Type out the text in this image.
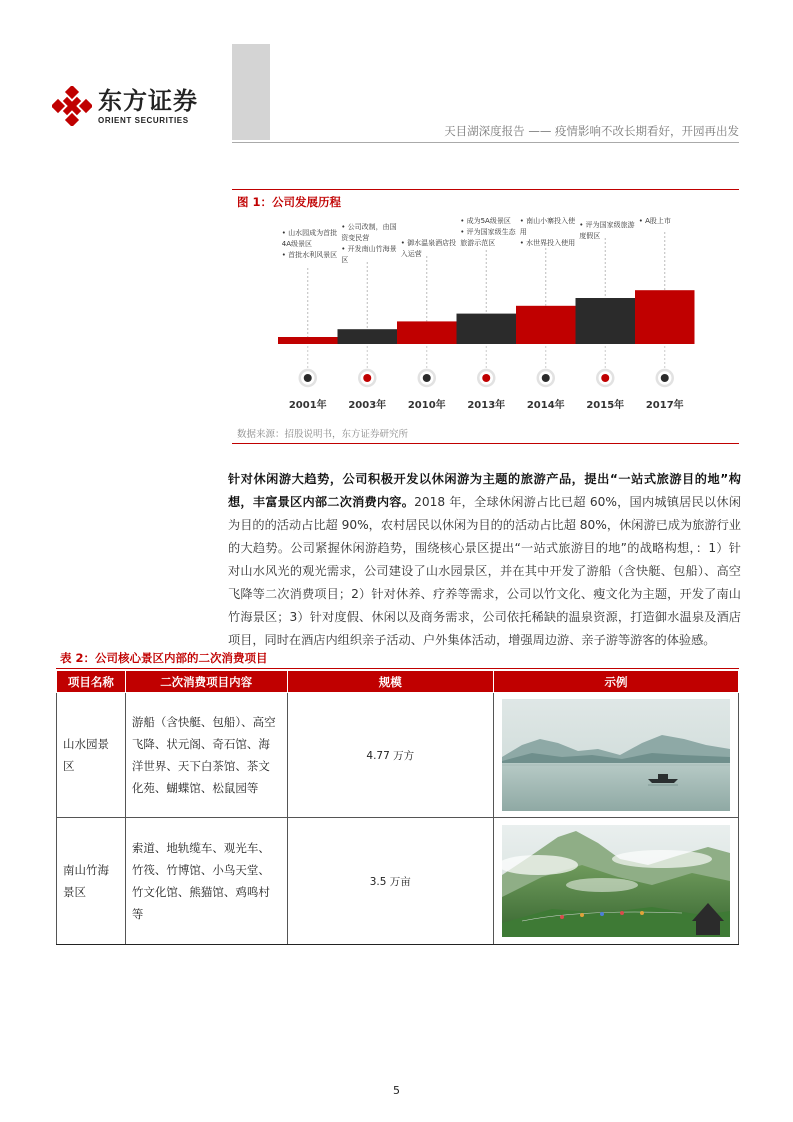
东方证券
ORIENT SECURITIES
天目湖深度报告 —— 疫情影响不改长期看好，开园再出发
图 1：公司发展历程
2001年 2003年 2010年 2013年 2014年 2015年 2017年
• 山水园成为首批4A级景区
• 首批水利风景区
• 公司改制，由国资变民营
• 开发南山竹海景区
• 御水温泉酒店投入运营
• 成为5A级景区
• 评为国家级生态旅游示范区
• 南山小寨投入使用
• 水世界投入使用
• 评为国家级旅游度假区
• A股上市
数据来源：招股说明书，东方证券研究所
针对休闲游大趋势，公司积极开发以休闲游为主题的旅游产品，提出“一站式旅游目的地”构想，丰富景区内部二次消费内容。2018 年，全球休闲游占比已超 60%，国内城镇居民以休闲为目的的活动占比超 90%，农村居民以休闲为目的的活动占比超 80%，休闲游已成为旅游行业的大趋势。公司紧握休闲游趋势，围绕核心景区提出“一站式旅游目的地”的战略构想，：1）针对山水风光的观光需求，公司建设了山水园景区，并在其中开发了游船（含快艇、包船）、高空飞降等二次消费项目；2）针对休养、疗养等需求，公司以竹文化、瘦文化为主题，开发了南山竹海景区；3）针对度假、休闲以及商务需求，公司依托稀缺的温泉资源，打造御水温泉及酒店项目，同时在酒店内组织亲子活动、户外集体活动，增强周边游、亲子游等游客的体验感。
表 2：公司核心景区内部的二次消费项目
项目名称	二次消费项目内容	规模	示例
山水园景区	游船（含快艇、包船）、高空飞降、状元阁、奇石馆、海洋世界、天下白茶馆、茶文化苑、蝴蝶馆、松鼠园等	4.77 万方	

南山竹海景区	索道、地轨缆车、观光车、竹筏、竹博馆、小鸟天堂、竹文化馆、熊猫馆、鸡鸣村等	3.5 万亩	
5
